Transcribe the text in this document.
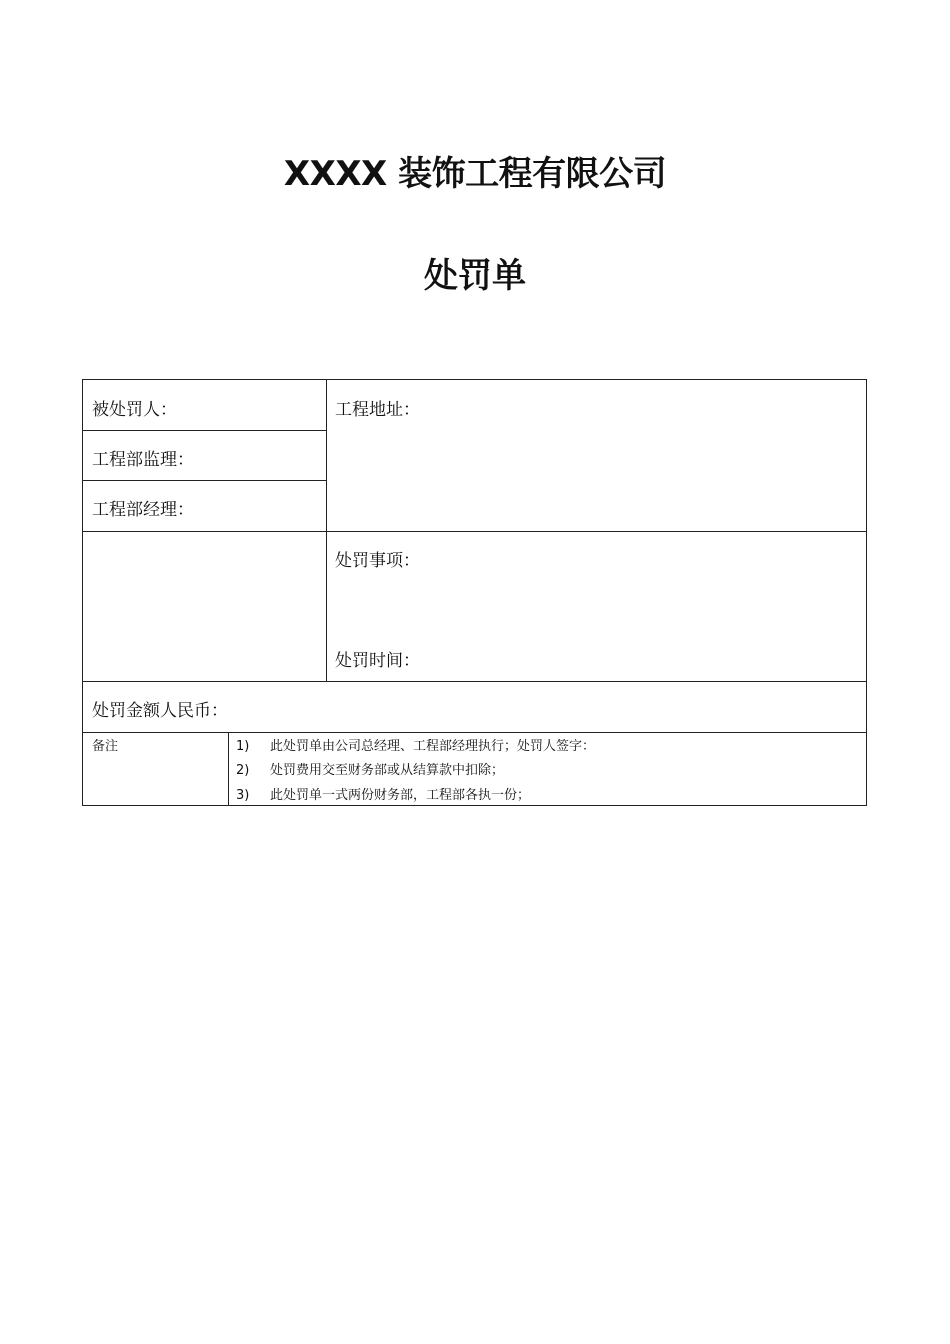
XXXX 装饰工程有限公司
处罚单
被处罚人：
工程部监理：
工程部经理：
工程地址：
处罚事项：
处罚时间：
处罚金额人民币：
备注	1) 此处罚单由公司总经理、工程部经理执行；处罚人签字：
2) 处罚费用交至财务部或从结算款中扣除；
3) 此处罚单一式两份财务部，工程部各执一份；
